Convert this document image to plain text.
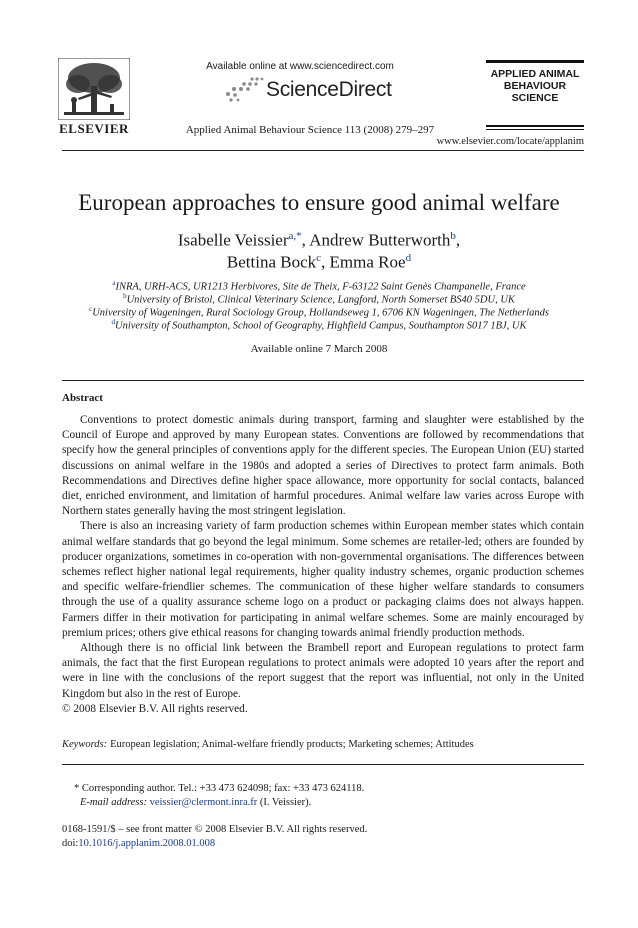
ELSEVIER
Available online at www.sciencedirect.com
ScienceDirect
Applied Animal Behaviour Science 113 (2008) 279–297
APPLIED ANIMAL
BEHAVIOUR
SCIENCE
www.elsevier.com/locate/applanim
European approaches to ensure good animal welfare
Isabelle Veissier$^{a,*}$, Andrew Butterworth$^b$,
Bettina Bock$^c$, Emma Roe$^d$
$^a$INRA, URH-ACS, UR1213 Herbivores, Site de Theix, F-63122 Saint Genès Champanelle, France
$^b$University of Bristol, Clinical Veterinary Science, Langford, North Somerset BS40 5DU, UK
$^c$University of Wageningen, Rural Sociology Group, Hollandseweg 1, 6706 KN Wageningen, The Netherlands
$^d$University of Southampton, School of Geography, Highfield Campus, Southampton S017 1BJ, UK
Available online 7 March 2008
Abstract

Conventions to protect domestic animals during transport, farming and slaughter were established by the Council of Europe and approved by many European states. Conventions are followed by recommendations that specify how the general principles of conventions apply for the different species. The European Union (EU) started discussions on animal welfare in the 1980s and adopted a series of Directives to protect farm animals. Both Recommendations and Directives define higher space allowance, more opportunity for social contacts, balanced diet, enriched environment, and limitation of harmful procedures. Animal welfare law varies across Europe with Northern states generally having the most stringent legislation.

There is also an increasing variety of farm production schemes within European member states which contain animal welfare standards that go beyond the legal minimum. Some schemes are retailer-led; others are founded by producer organizations, sometimes in co-operation with non-governmental organisations. The differences between schemes reflect higher national legal requirements, higher quality industry schemes, organic production schemes and specific welfare-friendlier schemes. The communication of these higher welfare standards to consumers through the use of a quality assurance scheme logo on a product or packaging claims does not always happen. Farmers differ in their motivation for participating in animal welfare schemes. Some are mainly encouraged by premium prices; others give ethical reasons for changing towards animal friendly production methods.

Although there is no official link between the Brambell report and European regulations to protect farm animals, the fact that the first European regulations to protect animals were adopted 10 years after the report and were in line with the conclusions of the report suggest that the report was influential, not only in the United Kingdom but also in the rest of Europe.

© 2008 Elsevier B.V. All rights reserved.

Keywords: European legislation; Animal-welfare friendly products; Marketing schemes; Attitudes
* Corresponding author. Tel.: +33 473 624098; fax: +33 473 624118.
E-mail address: veissier@clermont.inra.fr (I. Veissier).
0168-1591/$ – see front matter © 2008 Elsevier B.V. All rights reserved.
doi:10.1016/j.applanim.2008.01.008
